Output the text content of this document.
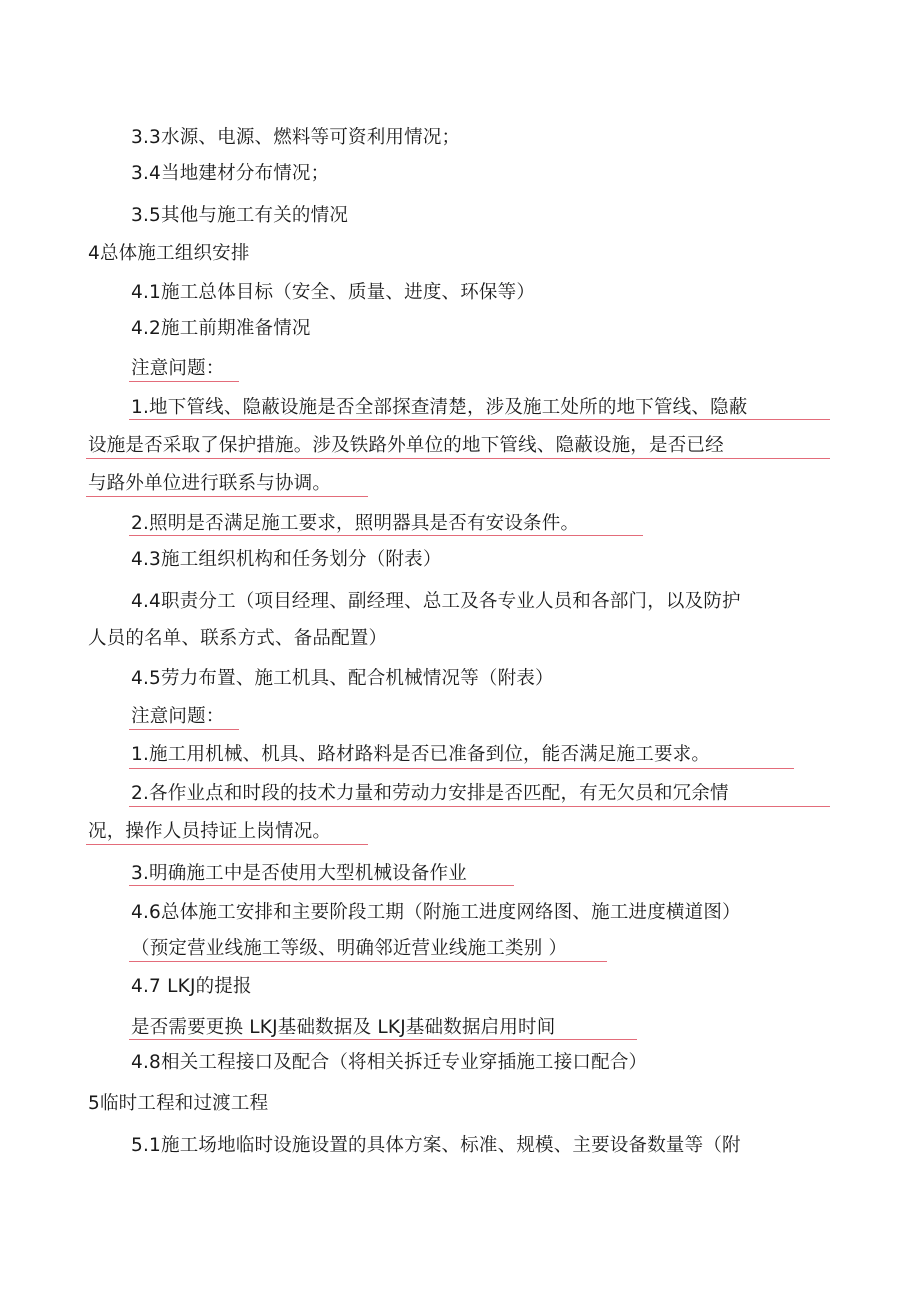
3.3水源、电源、燃料等可资利用情况；
3.4当地建材分布情况；
3.5其他与施工有关的情况
4总体施工组织安排
4.1施工总体目标（安全、质量、进度、环保等）
4.2施工前期准备情况
注意问题：
1.地下管线、隐蔽设施是否全部探查清楚，涉及施工处所的地下管线、隐蔽
设施是否采取了保护措施。涉及铁路外单位的地下管线、隐蔽设施，是否已经
与路外单位进行联系与协调。
2.照明是否满足施工要求，照明器具是否有安设条件。
4.3施工组织机构和任务划分（附表）
4.4职责分工（项目经理、副经理、总工及各专业人员和各部门，以及防护
人员的名单、联系方式、备品配置）
4.5劳力布置、施工机具、配合机械情况等（附表）
注意问题：
1.施工用机械、机具、路材路料是否已准备到位，能否满足施工要求。
2.各作业点和时段的技术力量和劳动力安排是否匹配，有无欠员和冗余情
况，操作人员持证上岗情况。
3.明确施工中是否使用大型机械设备作业
4.6总体施工安排和主要阶段工期（附施工进度网络图、施工进度横道图）
（预定营业线施工等级、明确邻近营业线施工类别 ）
4.7 LKJ的提报
是否需要更换 LKJ基础数据及 LKJ基础数据启用时间
4.8相关工程接口及配合（将相关拆迁专业穿插施工接口配合）
5临时工程和过渡工程
5.1施工场地临时设施设置的具体方案、标准、规模、主要设备数量等（附
